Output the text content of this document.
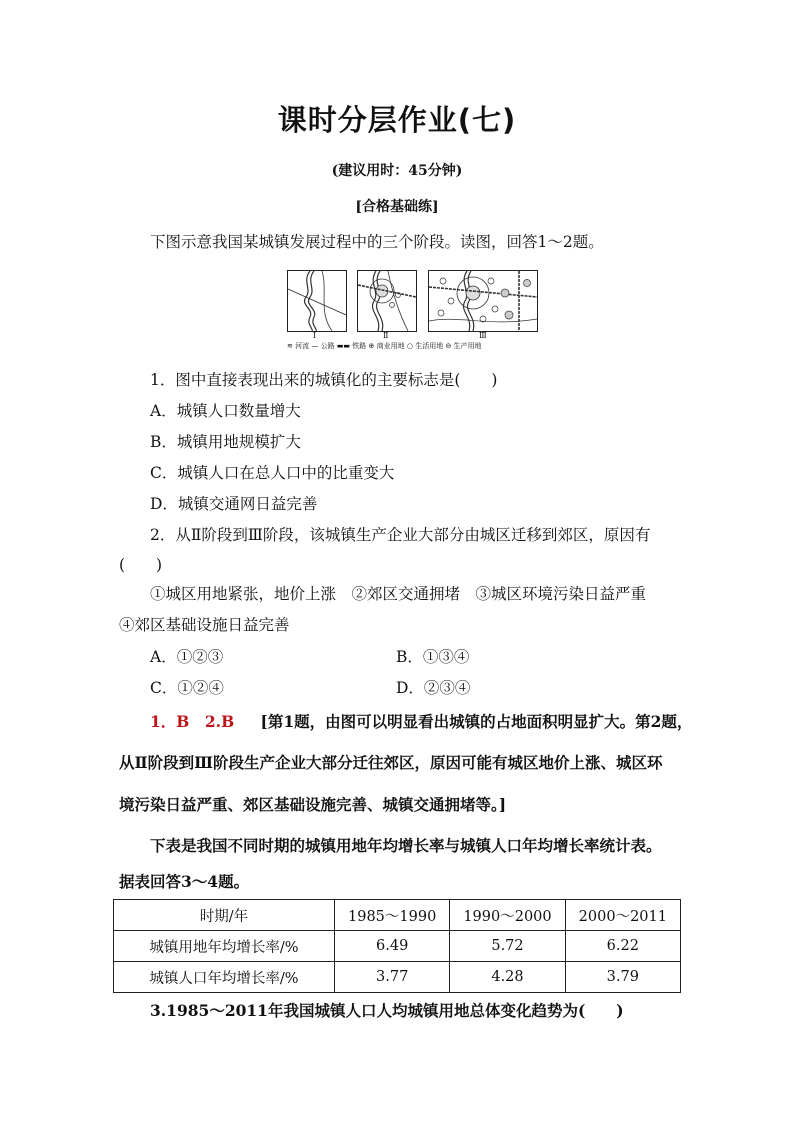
课时分层作业(七)
(建议用时：45分钟)
[合格基础练]
下图示意我国某城镇发展过程中的三个阶段。读图，回答1～2题。
Ⅰ	Ⅱ	Ⅲ
≋ 河流 — 公路 ▬▬ 铁路 ⊕ 商业用地 ○ 生活用地 ⊖ 生产用地
1．图中直接表现出来的城镇化的主要标志是(　　)
A．城镇人口数量增大
B．城镇用地规模扩大
C．城镇人口在总人口中的比重变大
D．城镇交通网日益完善
2．从Ⅱ阶段到Ⅲ阶段，该城镇生产企业大部分由城区迁移到郊区，原因有
(　　)
①城区用地紧张，地价上涨　②郊区交通拥堵　③城区环境污染日益严重
④郊区基础设施日益完善
A．①②③	B．①③④
C．①②④	D．②③④
1．B　2.B 　 [第1题，由图可以明显看出城镇的占地面积明显扩大。第2题，
从Ⅱ阶段到Ⅲ阶段生产企业大部分迁往郊区，原因可能有城区地价上涨、城区环
境污染日益严重、郊区基础设施完善、城镇交通拥堵等。]
下表是我国不同时期的城镇用地年均增长率与城镇人口年均增长率统计表。
据表回答3～4题。
时期/年	1985～1990	1990～2000	2000～2011
城镇用地年均增长率/%	6.49	5.72	6.22
城镇人口年均增长率/%	3.77	4.28	3.79
3.1985～2011年我国城镇人口人均城镇用地总体变化趋势为(　　)
